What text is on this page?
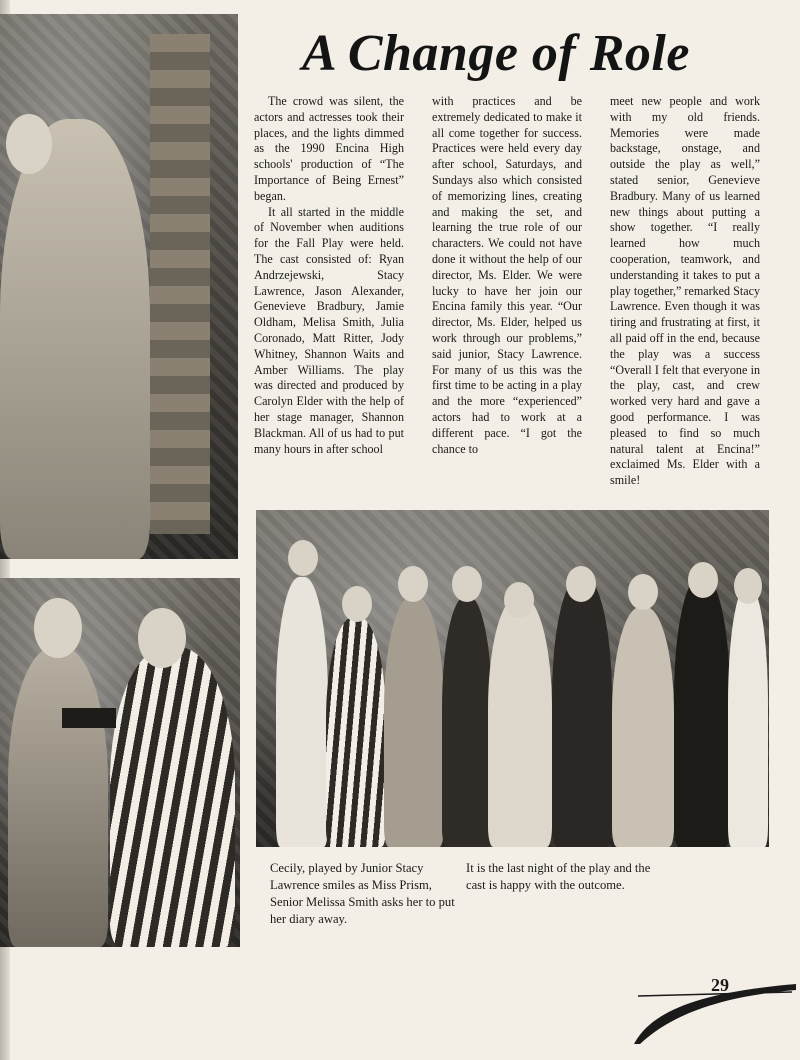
A Change of Role

The crowd was silent, the actors and actresses took their places, and the lights dimmed as the 1990 Encina High schools' production of “The Importance of Being Ernest” began.

It all started in the middle of November when auditions for the Fall Play were held. The cast consisted of: Ryan Andrzejewski, Stacy Lawrence, Jason Alexander, Genevieve Bradbury, Jamie Oldham, Melisa Smith, Julia Coronado, Matt Ritter, Jody Whitney, Shannon Waits and Amber Williams. The play was directed and produced by Carolyn Elder with the help of her stage manager, Shannon Blackman. All of us had to put many hours in after school

with practices and be extremely dedicated to make it all come together for success. Practices were held every day after school, Saturdays, and Sundays also which consisted of memorizing lines, creating and making the set, and learning the true role of our characters. We could not have done it without the help of our director, Ms. Elder. We were lucky to have her join our Encina family this year. “Our director, Ms. Elder, helped us work through our problems,” said junior, Stacy Lawrence. For many of us this was the first time to be acting in a play and the more “experienced” actors had to work at a different pace. “I got the chance to

meet new people and work with my old friends. Memories were made backstage, onstage, and outside the play as well,” stated senior, Genevieve Bradbury. Many of us learned new things about putting a show together. “I really learned how much cooperation, teamwork, and understanding it takes to put a play together,” remarked Stacy Lawrence. Even though it was tiring and frustrating at first, it all paid off in the end, because the play was a success “Overall I felt that everyone in the play, cast, and crew worked very hard and gave a good performance. I was pleased to find so much natural talent at Encina!” exclaimed Ms. Elder with a smile!

Cecily, played by Junior Stacy Lawrence smiles as Miss Prism, Senior Melissa Smith asks her to put her diary away.
It is the last night of the play and the cast is happy with the outcome.
29
